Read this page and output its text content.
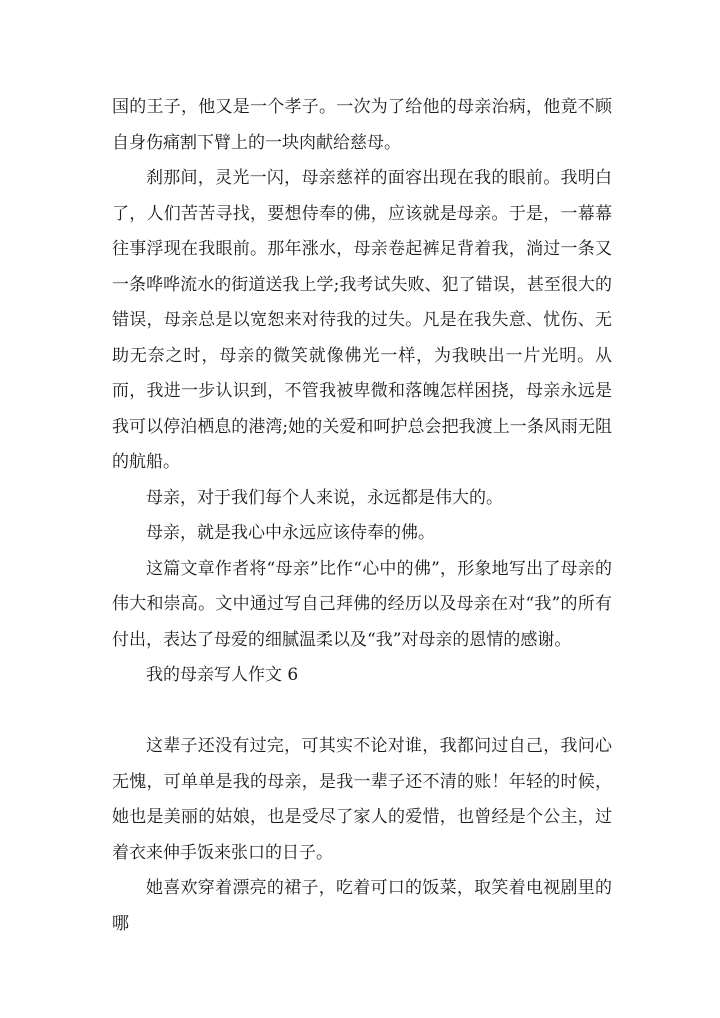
国的王子，他又是一个孝子。一次为了给他的母亲治病，他竟不顾自身伤痛割下臂上的一块肉献给慈母。

刹那间，灵光一闪，母亲慈祥的面容出现在我的眼前。我明白了，人们苦苦寻找，要想侍奉的佛，应该就是母亲。于是，一幕幕往事浮现在我眼前。那年涨水，母亲卷起裤足背着我，淌过一条又一条哗哗流水的街道送我上学;我考试失败、犯了错误，甚至很大的错误，母亲总是以宽恕来对待我的过失。凡是在我失意、忧伤、无助无奈之时，母亲的微笑就像佛光一样，为我映出一片光明。从而，我进一步认识到，不管我被卑微和落魄怎样困挠，母亲永远是我可以停泊栖息的港湾;她的关爱和呵护总会把我渡上一条风雨无阻的航船。

母亲，对于我们每个人来说，永远都是伟大的。

母亲，就是我心中永远应该侍奉的佛。

这篇文章作者将“母亲”比作“心中的佛”，形象地写出了母亲的伟大和崇高。文中通过写自己拜佛的经历以及母亲在对“我”的所有付出，表达了母爱的细腻温柔以及“我”对母亲的恩情的感谢。

我的母亲写人作文 6

这辈子还没有过完，可其实不论对谁，我都问过自己，我问心无愧，可单单是我的母亲，是我一辈子还不清的账！年轻的时候，她也是美丽的姑娘，也是受尽了家人的爱惜，也曾经是个公主，过着衣来伸手饭来张口的日子。

她喜欢穿着漂亮的裙子，吃着可口的饭菜，取笑着电视剧里的哪
